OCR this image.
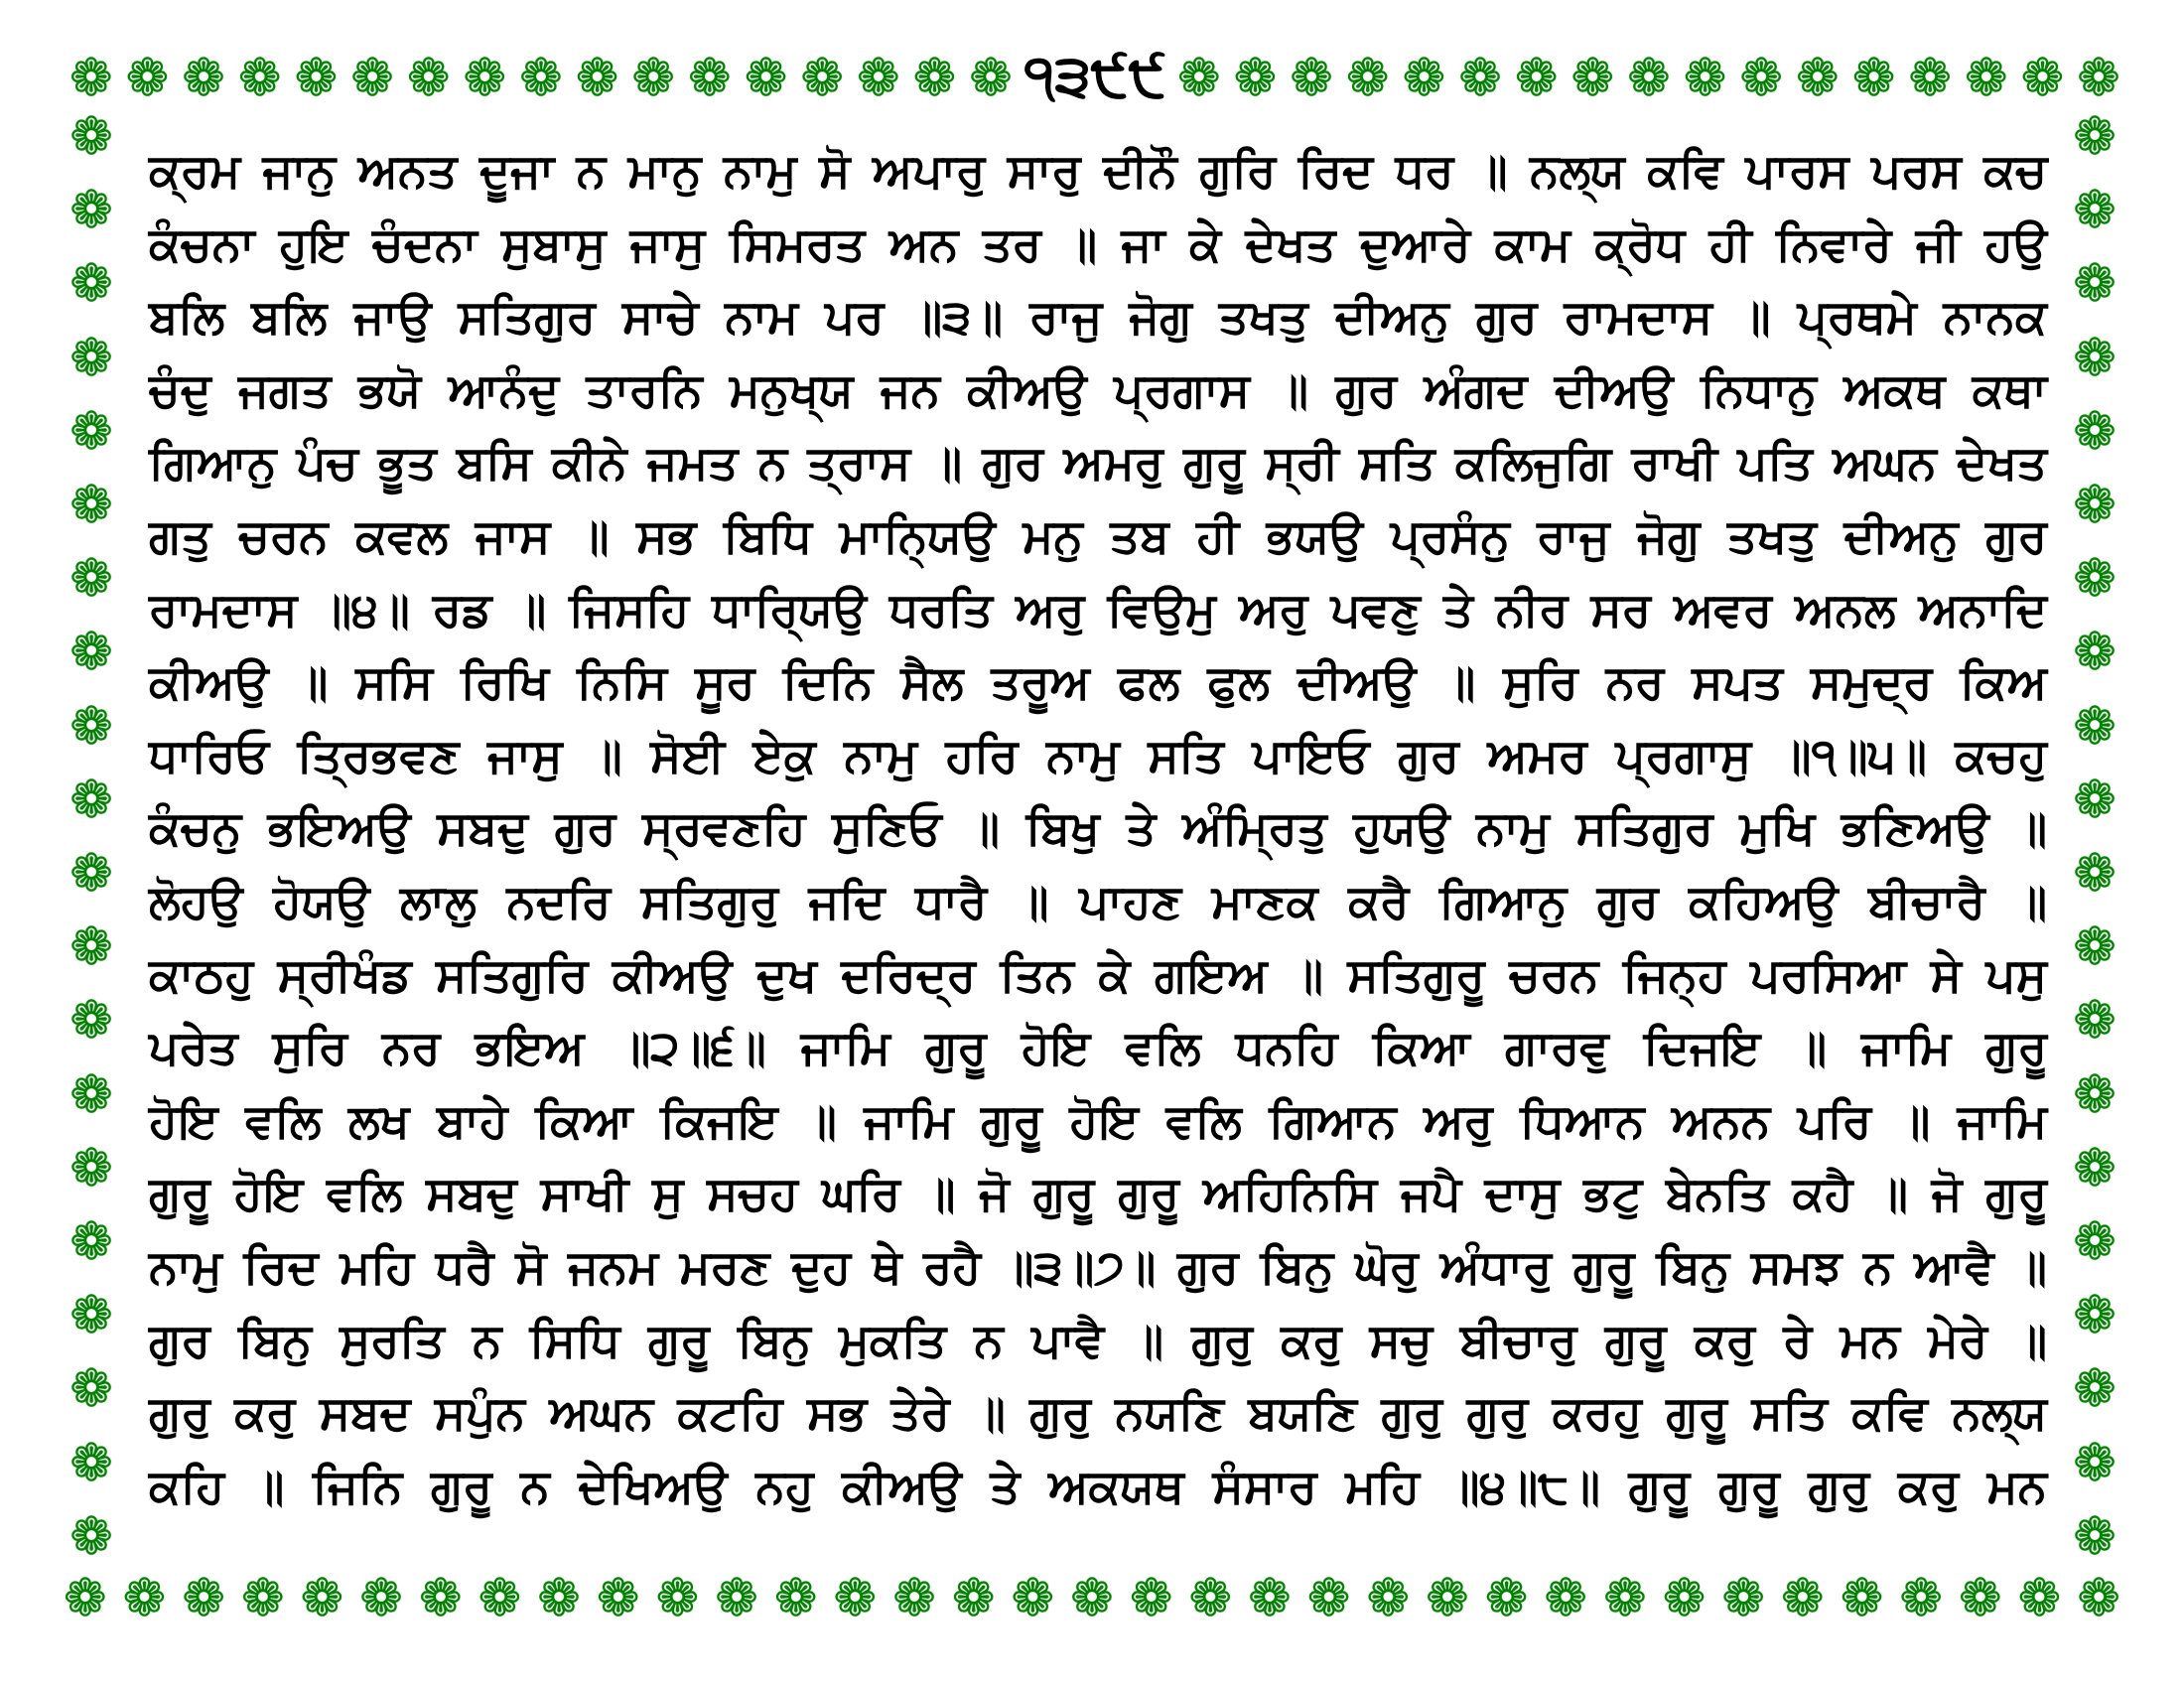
❁ ❁ ❁ ❁ ❁ ❁ ❁ ❁ ❁ ❁ ❁ ❁ ❁ ❁ ❁ ❁ ❁ ੧੩੯੯ ❁ ❁ ❁ ❁ ❁ ❁ ❁ ❁ ❁ ❁ ❁ ❁ ❁ ❁ ❁ ❁ ❁
❁ ❁ ❁ ❁ ❁ ❁ ❁ ❁ ❁ ❁ ❁ ❁ ❁ ❁ ❁ ❁ ❁ ❁ ❁ ❁ ❁ ❁ ❁ ❁ ❁ ❁ ❁ ❁ ❁ ❁ ❁ ❁ ❁ ❁ ❁
❁
❁
❁
❁
❁
❁
❁
❁
❁
❁
❁
❁
❁
❁
❁
❁
❁
❁
❁
❁
❁
❁
❁
❁
❁
❁
❁
❁
❁
❁
❁
❁
❁
❁
❁
❁
❁
❁
❁
❁
ਕ੍ਰਮ ਜਾਨੁ ਅਨਤ ਦੂਜਾ ਨ ਮਾਨੁ ਨਾਮੁ ਸੋ ਅਪਾਰੁ ਸਾਰੁ ਦੀਨੌ ਗੁਰਿ ਰਿਦ ਧਰ ॥ ਨਲ੍ਯ ਕਵਿ ਪਾਰਸ ਪਰਸ ਕਚ
ਕੰਚਨਾ ਹੁਇ ਚੰਦਨਾ ਸੁਬਾਸੁ ਜਾਸੁ ਸਿਮਰਤ ਅਨ ਤਰ ॥ ਜਾ ਕੇ ਦੇਖਤ ਦੁਆਰੇ ਕਾਮ ਕ੍ਰੋਧ ਹੀ ਨਿਵਾਰੇ ਜੀ ਹਉ
ਬਲਿ ਬਲਿ ਜਾਉ ਸਤਿਗੁਰ ਸਾਚੇ ਨਾਮ ਪਰ ॥੩॥ ਰਾਜੁ ਜੋਗੁ ਤਖਤੁ ਦੀਅਨੁ ਗੁਰ ਰਾਮਦਾਸ ॥ ਪ੍ਰਥਮੇ ਨਾਨਕ
ਚੰਦੁ ਜਗਤ ਭਯੋ ਆਨੰਦੁ ਤਾਰਨਿ ਮਨੁਖ੍ਯ ਜਨ ਕੀਅਉ ਪ੍ਰਗਾਸ ॥ ਗੁਰ ਅੰਗਦ ਦੀਅਉ ਨਿਧਾਨੁ ਅਕਥ ਕਥਾ
ਗਿਆਨੁ ਪੰਚ ਭੂਤ ਬਸਿ ਕੀਨੇ ਜਮਤ ਨ ਤ੍ਰਾਸ ॥ ਗੁਰ ਅਮਰੁ ਗੁਰੂ ਸ੍ਰੀ ਸਤਿ ਕਲਿਜੁਗਿ ਰਾਖੀ ਪਤਿ ਅਘਨ ਦੇਖਤ
ਗਤੁ ਚਰਨ ਕਵਲ ਜਾਸ ॥ ਸਭ ਬਿਧਿ ਮਾਨ੍ਯਿਉ ਮਨੁ ਤਬ ਹੀ ਭਯਉ ਪ੍ਰਸੰਨੁ ਰਾਜੁ ਜੋਗੁ ਤਖਤੁ ਦੀਅਨੁ ਗੁਰ
ਰਾਮਦਾਸ ॥੪॥ ਰਡ ॥ ਜਿਸਹਿ ਧਾਰ੍ਯਿਉ ਧਰਤਿ ਅਰੁ ਵਿਉਮੁ ਅਰੁ ਪਵਣੁ ਤੇ ਨੀਰ ਸਰ ਅਵਰ ਅਨਲ ਅਨਾਦਿ
ਕੀਅਉ ॥ ਸਸਿ ਰਿਖਿ ਨਿਸਿ ਸੂਰ ਦਿਨਿ ਸੈਲ ਤਰੂਅ ਫਲ ਫੁਲ ਦੀਅਉ ॥ ਸੁਰਿ ਨਰ ਸਪਤ ਸਮੁਦ੍ਰ ਕਿਅ
ਧਾਰਿਓ ਤ੍ਰਿਭਵਣ ਜਾਸੁ ॥ ਸੋਈ ਏਕੁ ਨਾਮੁ ਹਰਿ ਨਾਮੁ ਸਤਿ ਪਾਇਓ ਗੁਰ ਅਮਰ ਪ੍ਰਗਾਸੁ ॥੧॥੫॥ ਕਚਹੁ
ਕੰਚਨੁ ਭਇਅਉ ਸਬਦੁ ਗੁਰ ਸ੍ਰਵਣਹਿ ਸੁਣਿਓ ॥ ਬਿਖੁ ਤੇ ਅੰਮ੍ਰਿਤੁ ਹੁਯਉ ਨਾਮੁ ਸਤਿਗੁਰ ਮੁਖਿ ਭਣਿਅਉ ॥
ਲੋਹਉ ਹੋਯਉ ਲਾਲੁ ਨਦਰਿ ਸਤਿਗੁਰੁ ਜਦਿ ਧਾਰੈ ॥ ਪਾਹਣ ਮਾਣਕ ਕਰੈ ਗਿਆਨੁ ਗੁਰ ਕਹਿਅਉ ਬੀਚਾਰੈ ॥
ਕਾਠਹੁ ਸ੍ਰੀਖੰਡ ਸਤਿਗੁਰਿ ਕੀਅਉ ਦੁਖ ਦਰਿਦ੍ਰ ਤਿਨ ਕੇ ਗਇਅ ॥ ਸਤਿਗੁਰੂ ਚਰਨ ਜਿਨ੍ਹ ਪਰਸਿਆ ਸੇ ਪਸੁ
ਪਰੇਤ ਸੁਰਿ ਨਰ ਭਇਅ ॥੨॥੬॥ ਜਾਮਿ ਗੁਰੂ ਹੋਇ ਵਲਿ ਧਨਹਿ ਕਿਆ ਗਾਰਵੁ ਦਿਜਇ ॥ ਜਾਮਿ ਗੁਰੂ
ਹੋਇ ਵਲਿ ਲਖ ਬਾਹੇ ਕਿਆ ਕਿਜਇ ॥ ਜਾਮਿ ਗੁਰੂ ਹੋਇ ਵਲਿ ਗਿਆਨ ਅਰੁ ਧਿਆਨ ਅਨਨ ਪਰਿ ॥ ਜਾਮਿ
ਗੁਰੂ ਹੋਇ ਵਲਿ ਸਬਦੁ ਸਾਖੀ ਸੁ ਸਚਹ ਘਰਿ ॥ ਜੋ ਗੁਰੂ ਗੁਰੂ ਅਹਿਨਿਸਿ ਜਪੈ ਦਾਸੁ ਭਟੁ ਬੇਨਤਿ ਕਹੈ ॥ ਜੋ ਗੁਰੂ
ਨਾਮੁ ਰਿਦ ਮਹਿ ਧਰੈ ਸੋ ਜਨਮ ਮਰਣ ਦੁਹ ਥੇ ਰਹੈ ॥੩॥੭॥ ਗੁਰ ਬਿਨੁ ਘੋਰੁ ਅੰਧਾਰੁ ਗੁਰੂ ਬਿਨੁ ਸਮਝ ਨ ਆਵੈ ॥
ਗੁਰ ਬਿਨੁ ਸੁਰਤਿ ਨ ਸਿਧਿ ਗੁਰੂ ਬਿਨੁ ਮੁਕਤਿ ਨ ਪਾਵੈ ॥ ਗੁਰੁ ਕਰੁ ਸਚੁ ਬੀਚਾਰੁ ਗੁਰੂ ਕਰੁ ਰੇ ਮਨ ਮੇਰੇ ॥
ਗੁਰੁ ਕਰੁ ਸਬਦ ਸਪੁੰਨ ਅਘਨ ਕਟਹਿ ਸਭ ਤੇਰੇ ॥ ਗੁਰੁ ਨਯਣਿ ਬਯਣਿ ਗੁਰੁ ਗੁਰੁ ਕਰਹੁ ਗੁਰੂ ਸਤਿ ਕਵਿ ਨਲ੍ਯ
ਕਹਿ ॥ ਜਿਨਿ ਗੁਰੂ ਨ ਦੇਖਿਅਉ ਨਹੁ ਕੀਅਉ ਤੇ ਅਕਯਥ ਸੰਸਾਰ ਮਹਿ ॥੪॥੮॥ ਗੁਰੂ ਗੁਰੂ ਗੁਰੁ ਕਰੁ ਮਨ
